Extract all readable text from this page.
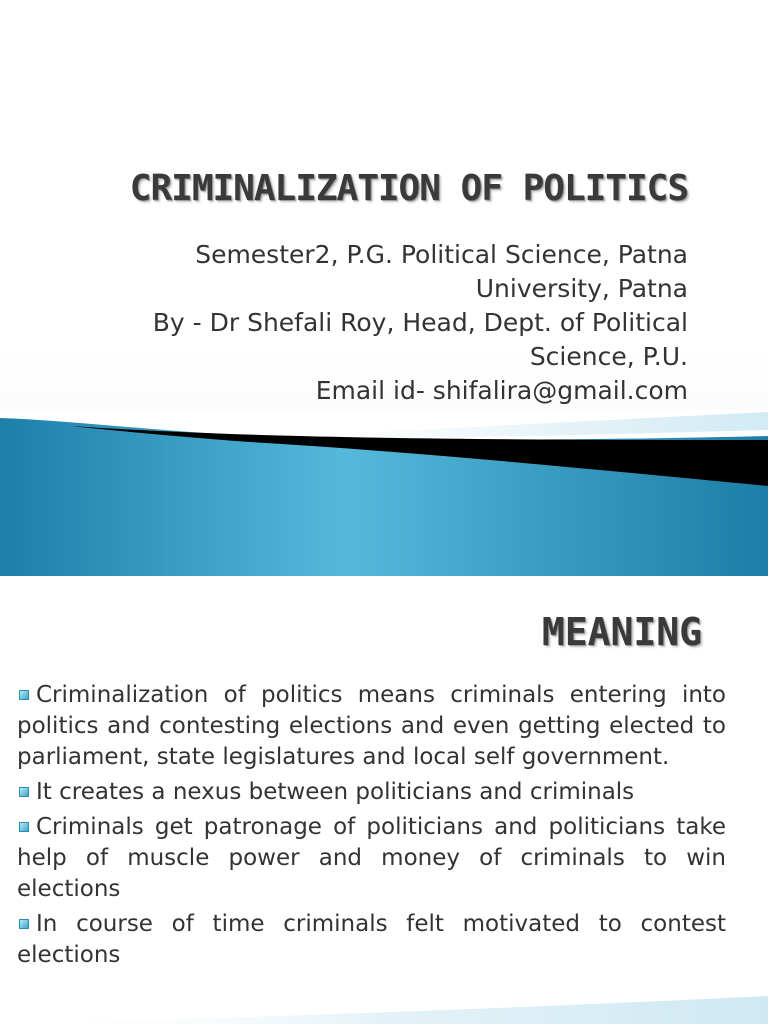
CRIMINALIZATION OF POLITICS
Semester2, P.G. Political Science, Patna
University, Patna
By - Dr Shefali Roy, Head, Dept. of Political
Science, P.U.
Email id- shifalira@gmail.com
MEANING
Criminalization of politics means criminals entering into politics and contesting elections and even getting elected to parliament, state legislatures and local self government.
It creates a nexus between politicians and criminals
Criminals get patronage of politicians and politicians take help of muscle power and money of criminals to win elections
In course of time criminals felt motivated to contest elections
